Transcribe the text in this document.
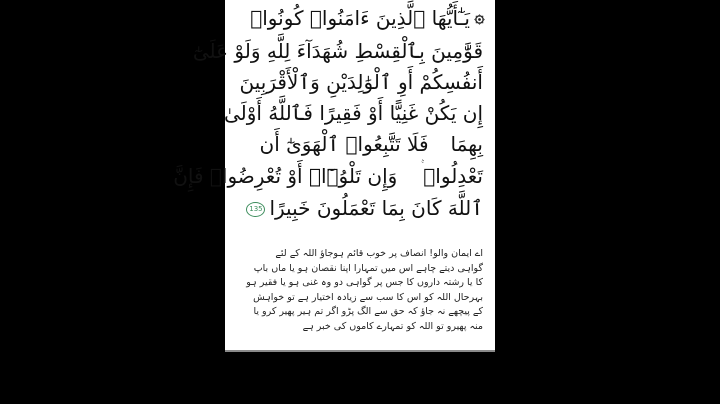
يَـٰٓأَيُّهَا ٱلَّذِينَ ءَامَنُوا۟ كُونُوا۟
قَوَّٰمِينَ بِٱلْقِسْطِ شُهَدَآءَ لِلَّهِ وَلَوْ عَلَىٰٓ
أَنفُسِكُمْ أَوِ ٱلْوَٰلِدَيْنِ وَٱلْأَقْرَبِينَ
إِن يَكُنْ غَنِيًّا أَوْ فَقِيرًا فَٱللَّهُ أَوْلَىٰ
بِهِمَافَلَا تَتَّبِعُوا۟ ٱلْهَوَىٰٓ أَن
تَعْدِلُوا۟وَإِن تَلْوُۥٓا۟ أَوْ تُعْرِضُوا۟ فَإِنَّ
ٱللَّهَ كَانَ بِمَا تَعْمَلُونَ خَبِيرًا135
اے ایمان والو! انصاف پر خوب قائم ہوجاؤ اللہ کے لئے
گواہی دیتے چاہے اس میں تمہارا اپنا نقصان ہو یا ماں باپ
کا یا رشتہ داروں کا جس پر گواہی دو وہ غنی ہو یا فقیر ہو
بہرحال اللہ کو اس کا سب سے زیادہ اختیار ہے تو خواہش
کے پیچھے نہ جاؤ کہ حق سے الگ پڑو اگر تم ہیر پھیر کرو یا
منہ پھیرو تو اللہ کو تمہارے کاموں کی خبر ہے
